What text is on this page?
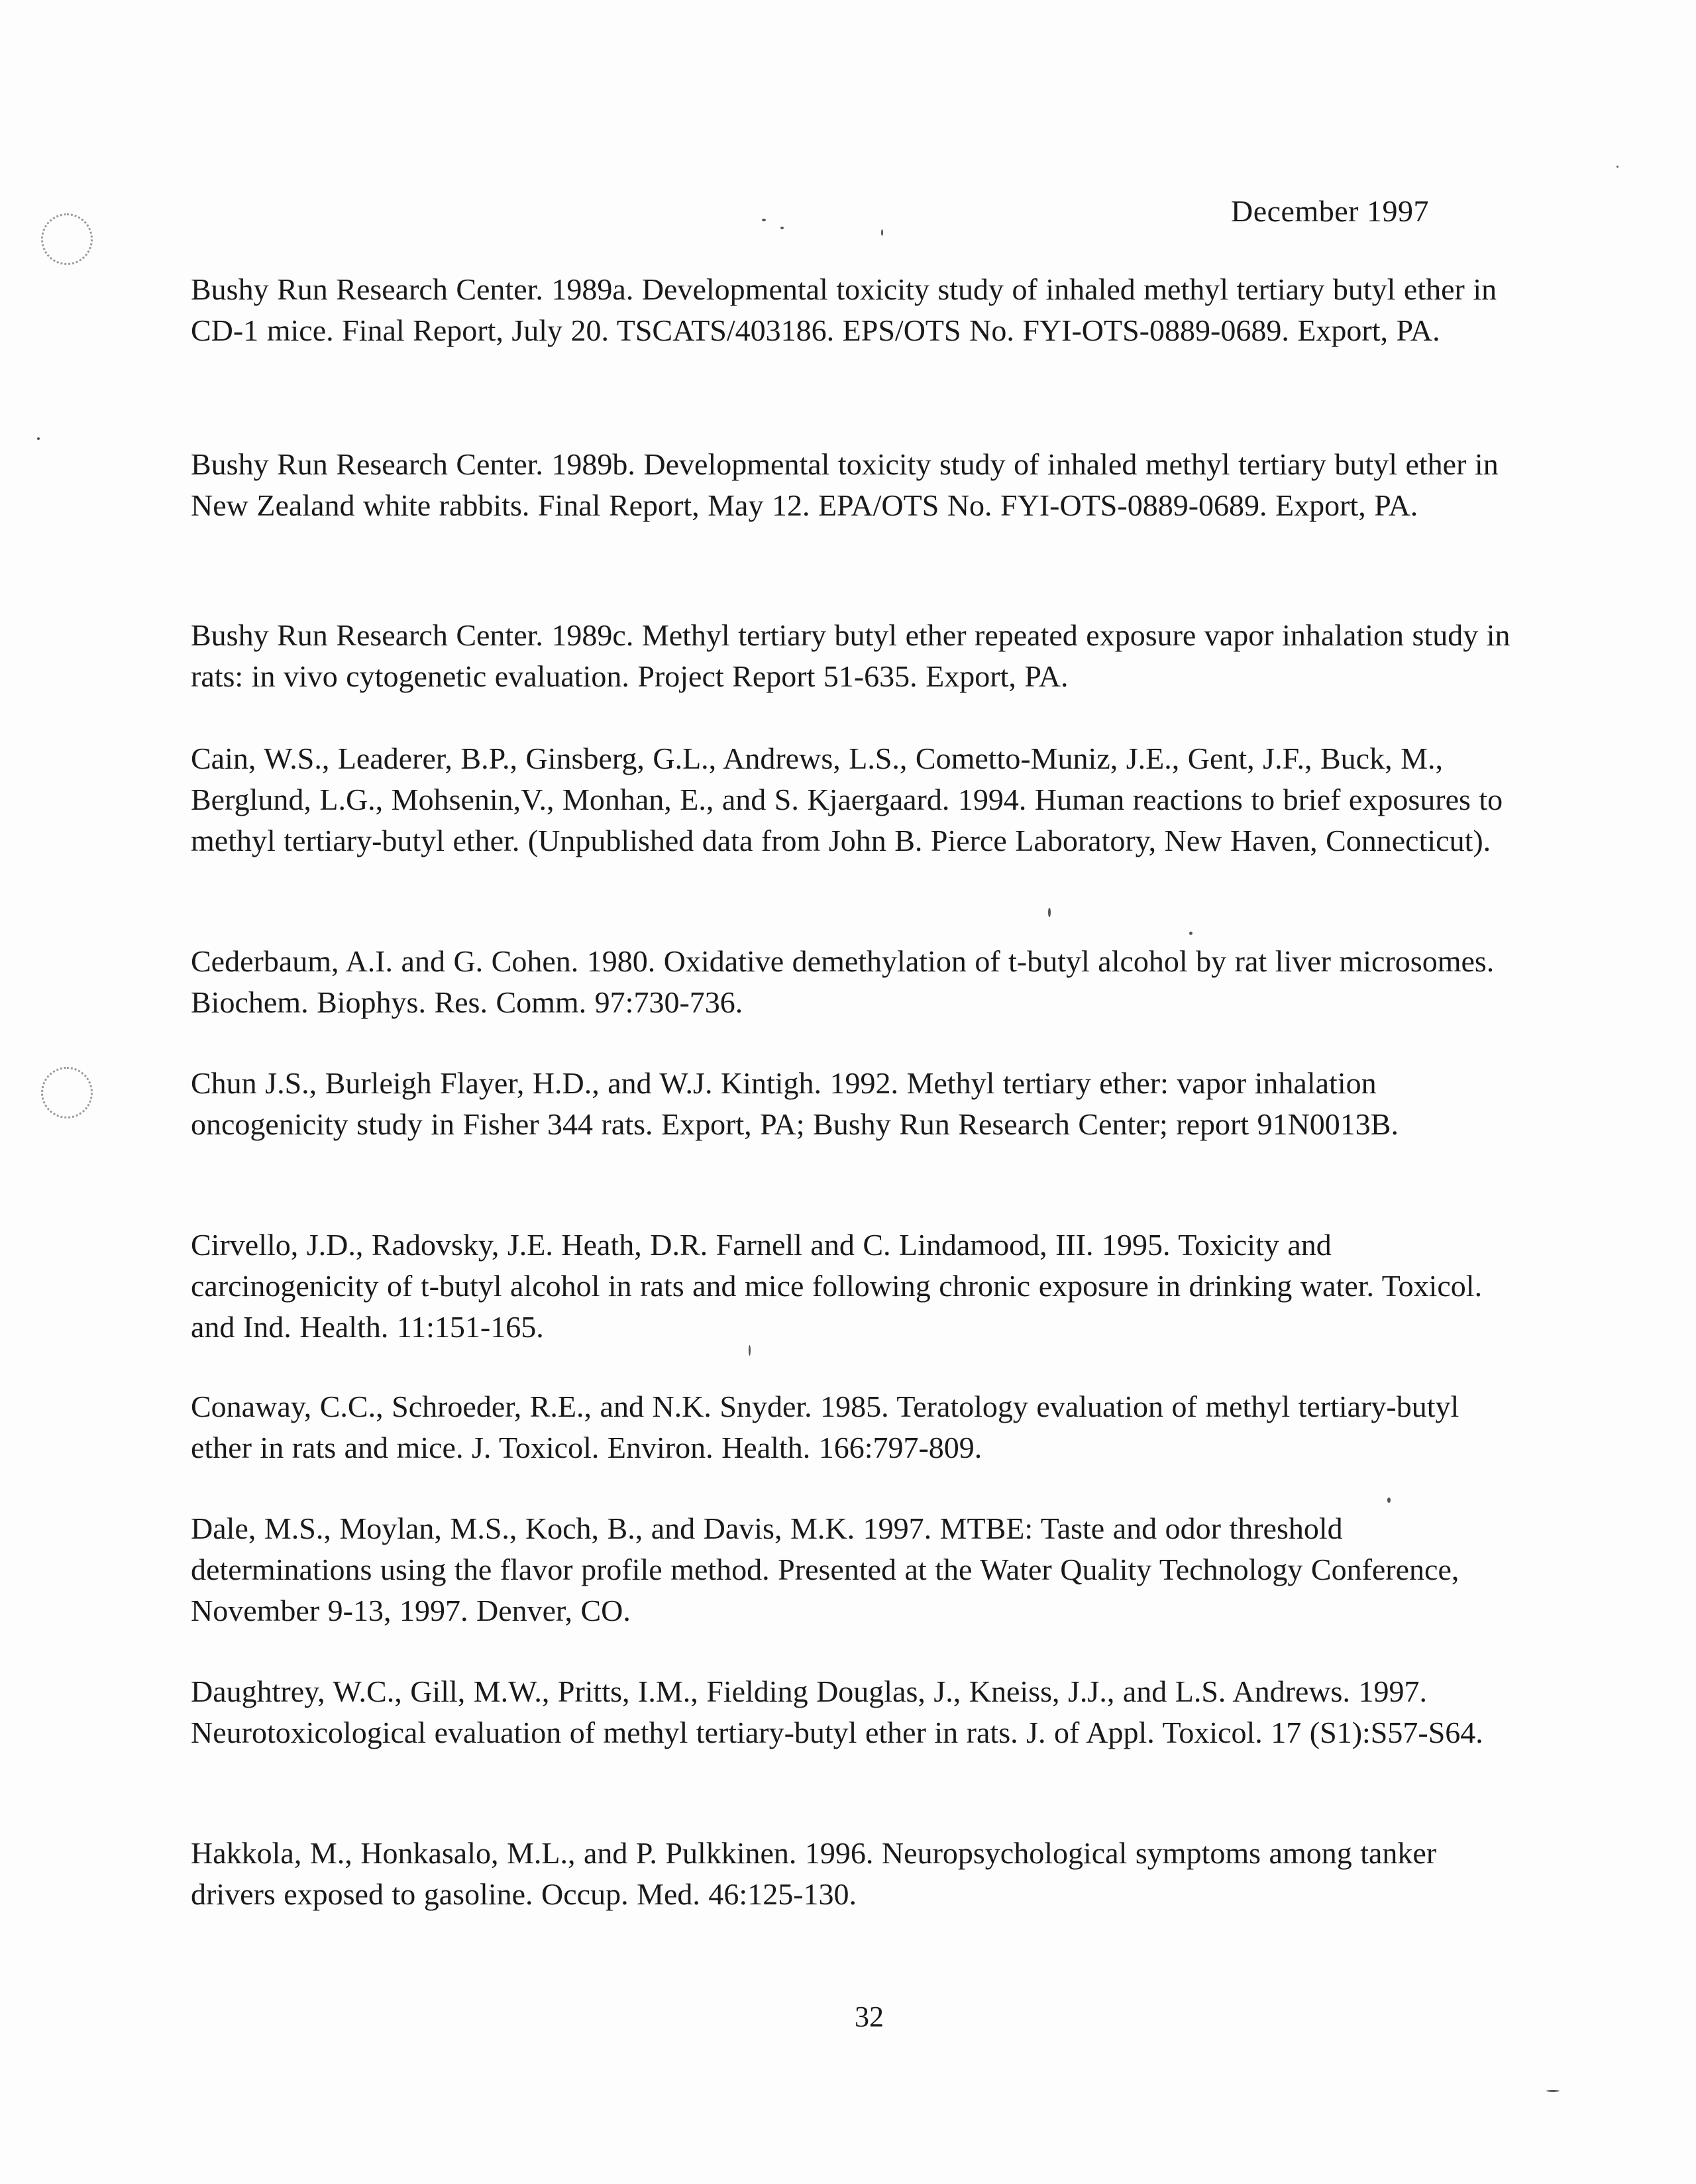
December 1997

Bushy Run Research Center. 1989a. Developmental toxicity study of inhaled methyl tertiary butyl ether in CD-1 mice. Final Report, July 20. TSCATS/403186. EPS/OTS No. FYI-OTS-0889-0689. Export, PA.

Bushy Run Research Center. 1989b. Developmental toxicity study of inhaled methyl tertiary butyl ether in New Zealand white rabbits. Final Report, May 12. EPA/OTS No. FYI-OTS-0889-0689. Export, PA.

Bushy Run Research Center. 1989c. Methyl tertiary butyl ether repeated exposure vapor inhalation study in rats: in vivo cytogenetic evaluation. Project Report 51-635. Export, PA.

Cain, W.S., Leaderer, B.P., Ginsberg, G.L., Andrews, L.S., Cometto-Muniz, J.E., Gent, J.F., Buck, M., Berglund, L.G., Mohsenin,V., Monhan, E., and S. Kjaergaard. 1994. Human reactions to brief exposures to methyl tertiary-butyl ether. (Unpublished data from John B. Pierce Laboratory, New Haven, Connecticut).

Cederbaum, A.I. and G. Cohen. 1980. Oxidative demethylation of t-butyl alcohol by rat liver microsomes. Biochem. Biophys. Res. Comm. 97:730-736.

Chun J.S., Burleigh Flayer, H.D., and W.J. Kintigh. 1992. Methyl tertiary ether: vapor inhalation oncogenicity study in Fisher 344 rats. Export, PA; Bushy Run Research Center; report 91N0013B.

Cirvello, J.D., Radovsky, J.E. Heath, D.R. Farnell and C. Lindamood, III. 1995. Toxicity and carcinogenicity of t-butyl alcohol in rats and mice following chronic exposure in drinking water. Toxicol. and Ind. Health. 11:151-165.

Conaway, C.C., Schroeder, R.E., and N.K. Snyder. 1985. Teratology evaluation of methyl tertiary-butyl ether in rats and mice. J. Toxicol. Environ. Health. 166:797-809.

Dale, M.S., Moylan, M.S., Koch, B., and Davis, M.K. 1997. MTBE: Taste and odor threshold determinations using the flavor profile method. Presented at the Water Quality Technology Conference, November 9-13, 1997. Denver, CO.

Daughtrey, W.C., Gill, M.W., Pritts, I.M., Fielding Douglas, J., Kneiss, J.J., and L.S. Andrews. 1997. Neurotoxicological evaluation of methyl tertiary-butyl ether in rats. J. of Appl. Toxicol. 17 (S1):S57-S64.

Hakkola, M., Honkasalo, M.L., and P. Pulkkinen. 1996. Neuropsychological symptoms among tanker drivers exposed to gasoline. Occup. Med. 46:125-130.

32
